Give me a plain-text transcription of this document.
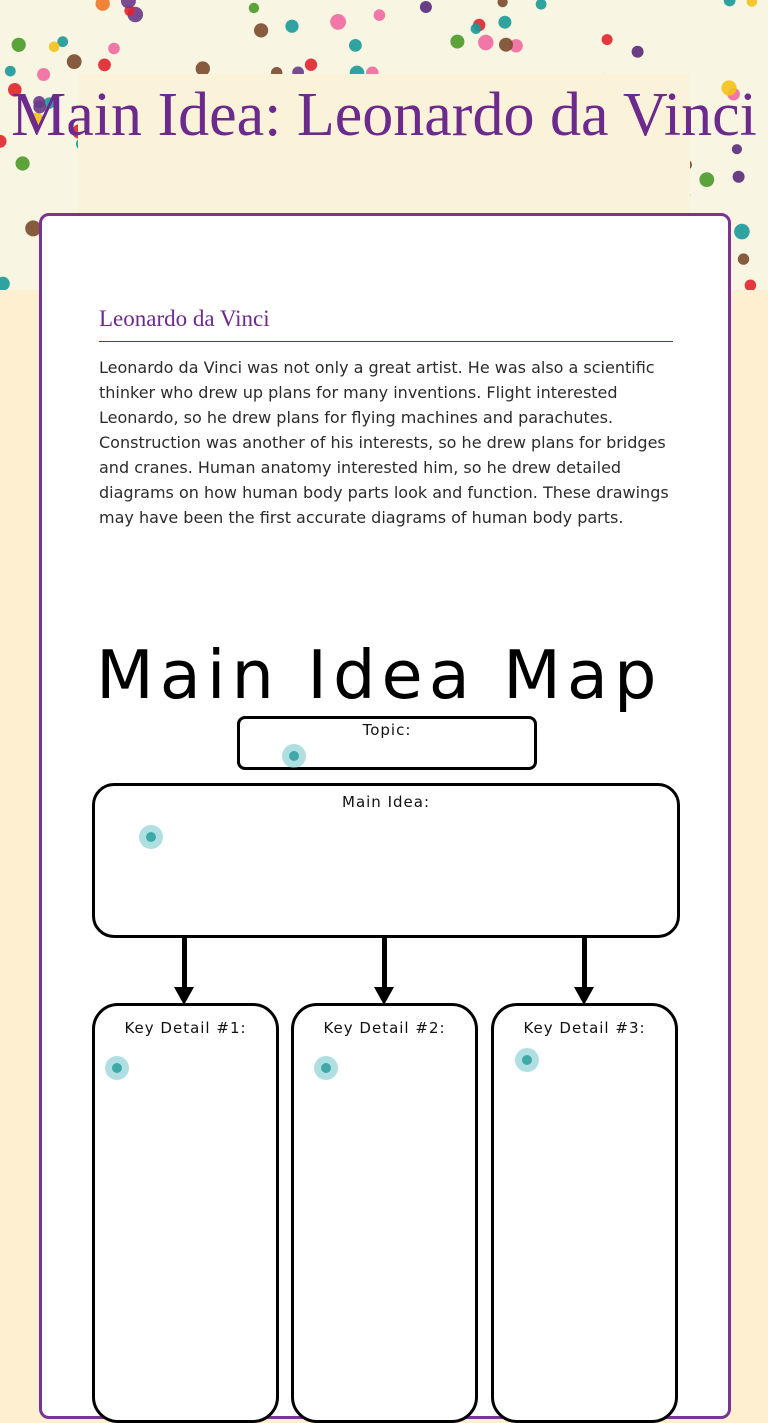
Main Idea: Leonardo da Vinci
Leonardo da Vinci

Leonardo da Vinci was not only a great artist. He was also a scientific thinker who drew up plans for many inventions. Flight interested Leonardo, so he drew plans for flying machines and parachutes. Construction was another of his interests, so he drew plans for bridges and cranes. Human anatomy interested him, so he drew detailed diagrams on how human body parts look and function. These drawings may have been the first accurate diagrams of human body parts.

Main Idea Map
Topic:
Main Idea:
Key Detail #1:	Key Detail #2:	Key Detail #3:
